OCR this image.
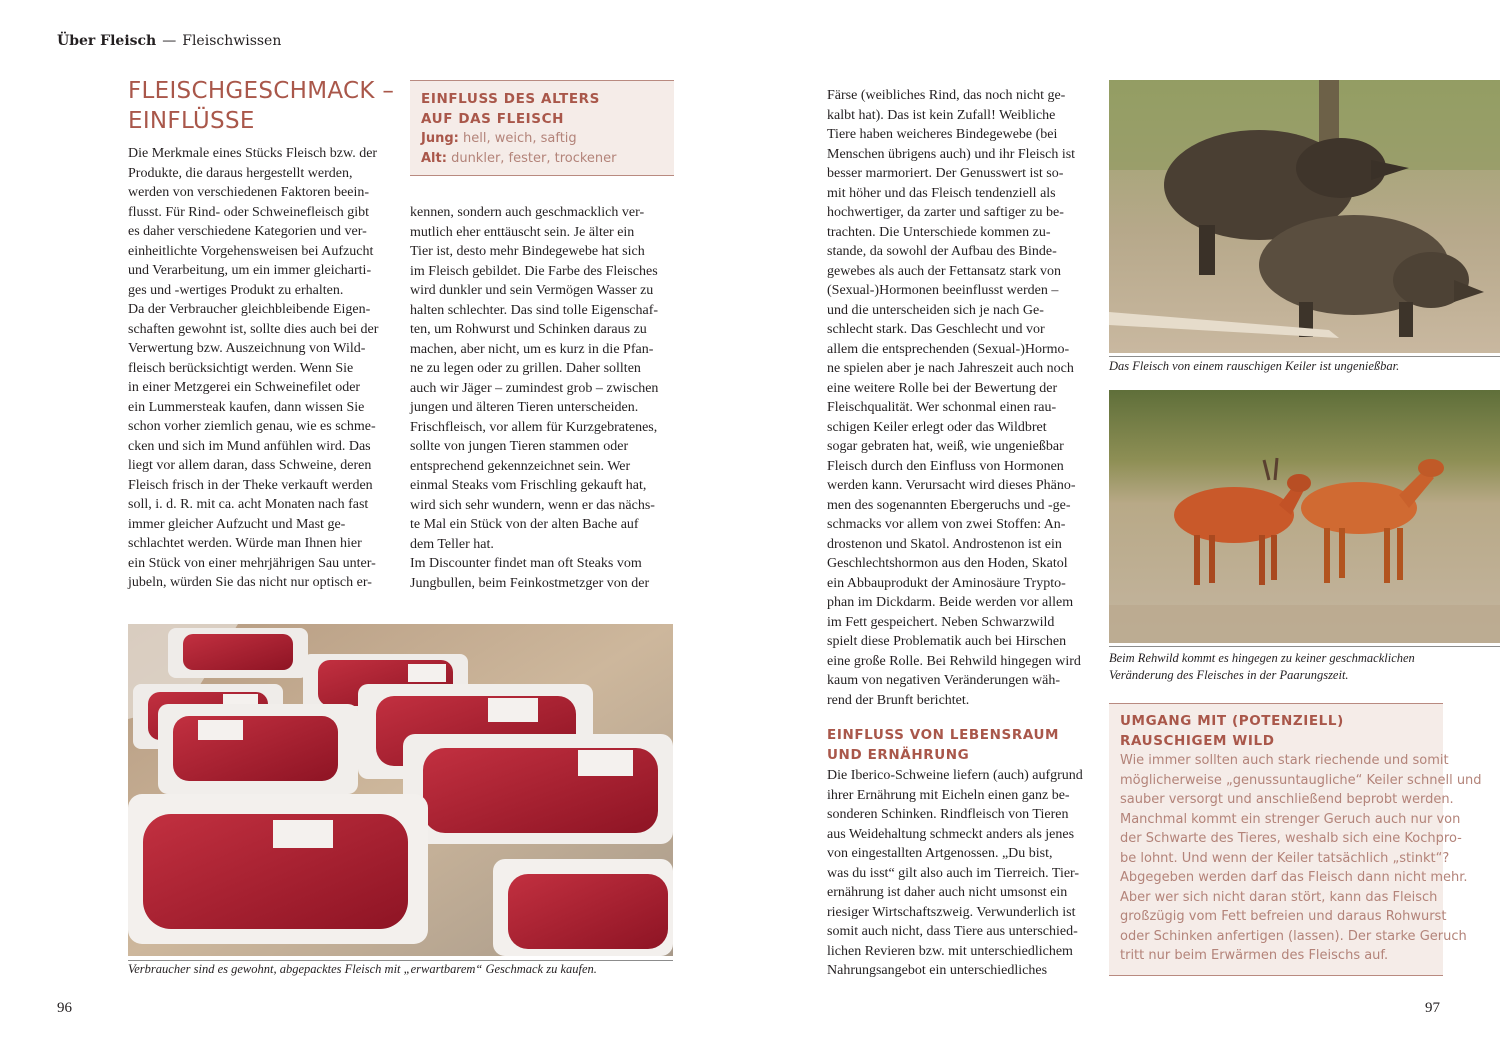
Über Fleisch — Fleischwissen
FLEISCHGESCHMACK –
EINFLÜSSE
EINFLUSS DES ALTERS
AUF DAS FLEISCH
Jung: hell, weich, saftig
Alt: dunkler, fester, trockener
Die Merkmale eines Stücks Fleisch bzw. der
Produkte, die daraus hergestellt werden,
werden von verschiedenen Faktoren beein-
flusst. Für Rind- oder Schweinefleisch gibt
es daher verschiedene Kategorien und ver-
einheitlichte Vorgehensweisen bei Aufzucht
und Verarbeitung, um ein immer gleicharti-
ges und -wertiges Produkt zu erhalten.
Da der Verbraucher gleichbleibende Eigen-
schaften gewohnt ist, sollte dies auch bei der
Verwertung bzw. Auszeichnung von Wild-
fleisch berücksichtigt werden. Wenn Sie
in einer Metzgerei ein Schweinefilet oder
ein Lummersteak kaufen, dann wissen Sie
schon vorher ziemlich genau, wie es schme-
cken und sich im Mund anfühlen wird. Das
liegt vor allem daran, dass Schweine, deren
Fleisch frisch in der Theke verkauft werden
soll, i. d. R. mit ca. acht Monaten nach fast
immer gleicher Aufzucht und Mast ge-
schlachtet werden. Würde man Ihnen hier
ein Stück von einer mehrjährigen Sau unter-
jubeln, würden Sie das nicht nur optisch er-
kennen, sondern auch geschmacklich ver-
mutlich eher enttäuscht sein. Je älter ein
Tier ist, desto mehr Bindegewebe hat sich
im Fleisch gebildet. Die Farbe des Fleisches
wird dunkler und sein Vermögen Wasser zu
halten schlechter. Das sind tolle Eigenschaf-
ten, um Rohwurst und Schinken daraus zu
machen, aber nicht, um es kurz in die Pfan-
ne zu legen oder zu grillen. Daher sollten
auch wir Jäger – zumindest grob – zwischen
jungen und älteren Tieren unterscheiden.
Frischfleisch, vor allem für Kurzgebratenes,
sollte von jungen Tieren stammen oder
entsprechend gekennzeichnet sein. Wer
einmal Steaks vom Frischling gekauft hat,
wird sich sehr wundern, wenn er das nächs-
te Mal ein Stück von der alten Bache auf
dem Teller hat.
Im Discounter findet man oft Steaks vom
Jungbullen, beim Feinkostmetzger von der
Verbraucher sind es gewohnt, abgepacktes Fleisch mit „erwartbarem“ Geschmack zu kaufen.
96
Färse (weibliches Rind, das noch nicht ge-
kalbt hat). Das ist kein Zufall! Weibliche
Tiere haben weicheres Bindegewebe (bei
Menschen übrigens auch) und ihr Fleisch ist
besser marmoriert. Der Genusswert ist so-
mit höher und das Fleisch tendenziell als
hochwertiger, da zarter und saftiger zu be-
trachten. Die Unterschiede kommen zu-
stande, da sowohl der Aufbau des Binde-
gewebes als auch der Fettansatz stark von
(Sexual-)Hormonen beeinflusst werden –
und die unterscheiden sich je nach Ge-
schlecht stark. Das Geschlecht und vor
allem die entsprechenden (Sexual-)Hormo-
ne spielen aber je nach Jahreszeit auch noch
eine weitere Rolle bei der Bewertung der
Fleischqualität. Wer schonmal einen rau-
schigen Keiler erlegt oder das Wildbret
sogar gebraten hat, weiß, wie ungenießbar
Fleisch durch den Einfluss von Hormonen
werden kann. Verursacht wird dieses Phäno-
men des sogenannten Ebergeruchs und -ge-
schmacks vor allem von zwei Stoffen: An-
drostenon und Skatol. Androstenon ist ein
Geschlechtshormon aus den Hoden, Skatol
ein Abbauprodukt der Aminosäure Trypto-
phan im Dickdarm. Beide werden vor allem
im Fett gespeichert. Neben Schwarzwild
spielt diese Problematik auch bei Hirschen
eine große Rolle. Bei Rehwild hingegen wird
kaum von negativen Veränderungen wäh-
rend der Brunft berichtet.
EINFLUSS VON LEBENSRAUM
UND ERNÄHRUNG
Die Iberico-Schweine liefern (auch) aufgrund
ihrer Ernährung mit Eicheln einen ganz be-
sonderen Schinken. Rindfleisch von Tieren
aus Weidehaltung schmeckt anders als jenes
von eingestallten Artgenossen. „Du bist,
was du isst“ gilt also auch im Tierreich. Tier-
ernährung ist daher auch nicht umsonst ein
riesiger Wirtschaftszweig. Verwunderlich ist
somit auch nicht, dass Tiere aus unterschied-
lichen Revieren bzw. mit unterschiedlichem
Nahrungsangebot ein unterschiedliches
Das Fleisch von einem rauschigen Keiler ist ungenießbar.
Beim Rehwild kommt es hingegen zu keiner geschmacklichen
Veränderung des Fleisches in der Paarungszeit.
UMGANG MIT (POTENZIELL)
RAUSCHIGEM WILD
Wie immer sollten auch stark riechende und somit
möglicherweise „genussuntaugliche“ Keiler schnell und
sauber versorgt und anschließend beprobt werden.
Manchmal kommt ein strenger Geruch auch nur von
der Schwarte des Tieres, weshalb sich eine Kochpro-
be lohnt. Und wenn der Keiler tatsächlich „stinkt“?
Abgegeben werden darf das Fleisch dann nicht mehr.
Aber wer sich nicht daran stört, kann das Fleisch
großzügig vom Fett befreien und daraus Rohwurst
oder Schinken anfertigen (lassen). Der starke Geruch
tritt nur beim Erwärmen des Fleischs auf.
97
